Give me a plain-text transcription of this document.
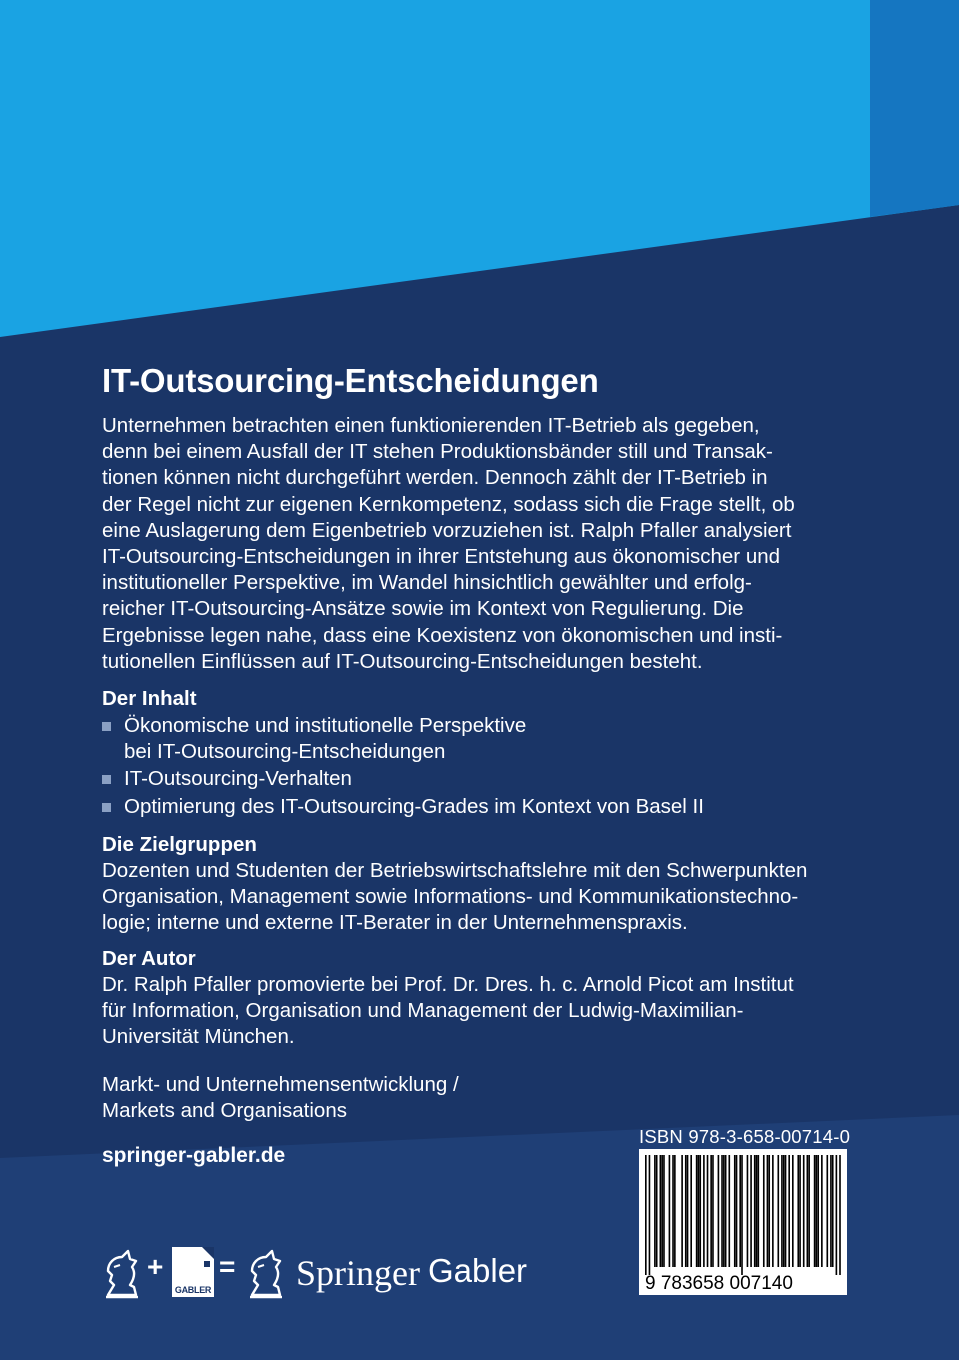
IT-Outsourcing-Entscheidungen
Unternehmen betrachten einen funktionierenden IT-Betrieb als gegeben,
denn bei einem Ausfall der IT stehen Produktionsbänder still und Transak-
tionen können nicht durchgeführt werden. Dennoch zählt der IT-Betrieb in
der Regel nicht zur eigenen Kernkompetenz, sodass sich die Frage stellt, ob
eine Auslagerung dem Eigenbetrieb vorzuziehen ist. Ralph Pfaller analysiert
IT-Outsourcing-Entscheidungen in ihrer Entstehung aus ökonomischer und
institutioneller Perspektive, im Wandel hinsichtlich gewählter und erfolg-
reicher IT-Outsourcing-Ansätze sowie im Kontext von Regulierung. Die
Ergebnisse legen nahe, dass eine Koexistenz von ökonomischen und insti-
tutionellen Einflüssen auf IT-Outsourcing-Entscheidungen besteht.
Der Inhalt
Ökonomische und institutionelle Perspektive
bei IT-Outsourcing-Entscheidungen
IT-Outsourcing-Verhalten
Optimierung des IT-Outsourcing-Grades im Kontext von Basel II
Die Zielgruppen
Dozenten und Studenten der Betriebswirtschaftslehre mit den Schwerpunkten
Organisation, Management sowie Informations- und Kommunikationstechno-
logie; interne und externe IT-Berater in der Unternehmenspraxis.
Der Autor
Dr. Ralph Pfaller promovierte bei Prof. Dr. Dres. h. c. Arnold Picot am Institut
für Information, Organisation und Management der Ludwig-Maximilian-
Universität München.
Markt- und Unternehmensentwicklung /
Markets and Organisations
springer-gabler.de
ISBN 978-3-658-00714-0
9 783658 007140
+
GABLER
= Springer Gabler
